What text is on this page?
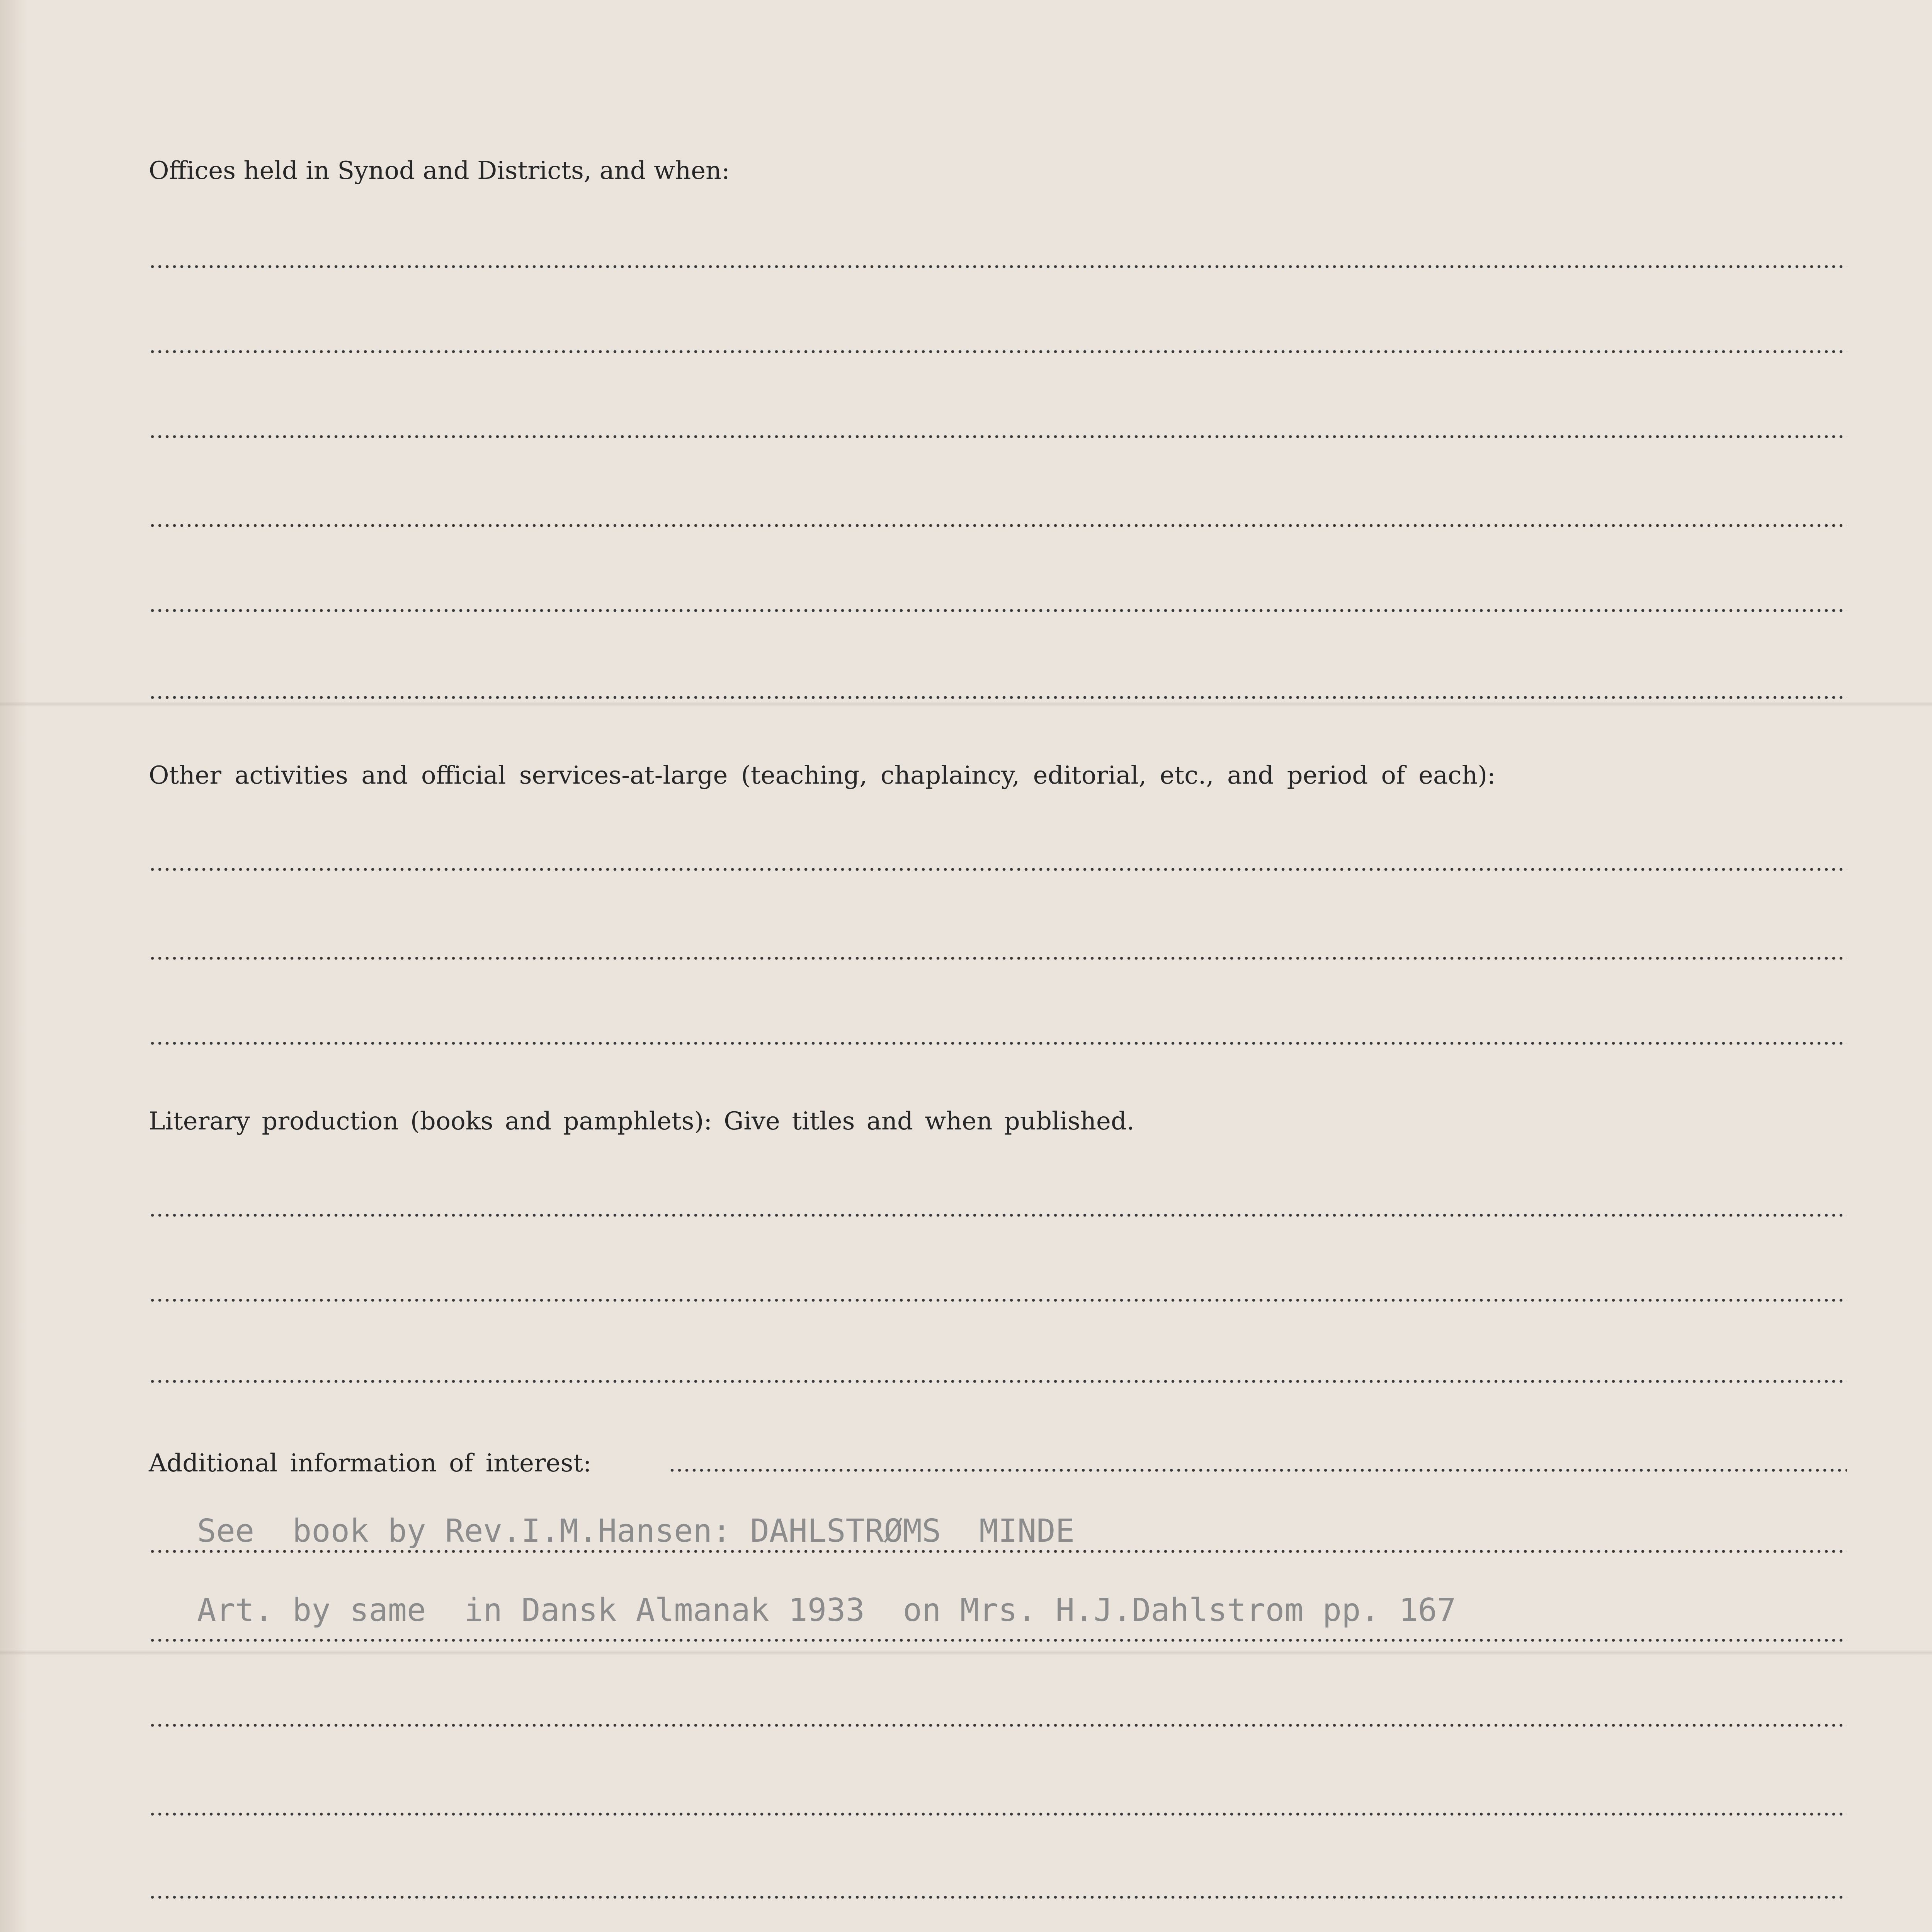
Offices held in Synod and Districts, and when:
Other activities and official services-at-large (teaching, chaplaincy, editorial, etc., and period of each):
Literary production (books and pamphlets): Give titles and when published.
Additional information of interest:
See  book by Rev.I.M.Hansen: DAHLSTRØMS  MINDE
Art. by same  in Dansk Almanak 1933  on Mrs. H.J.Dahlstrom pp. 167
